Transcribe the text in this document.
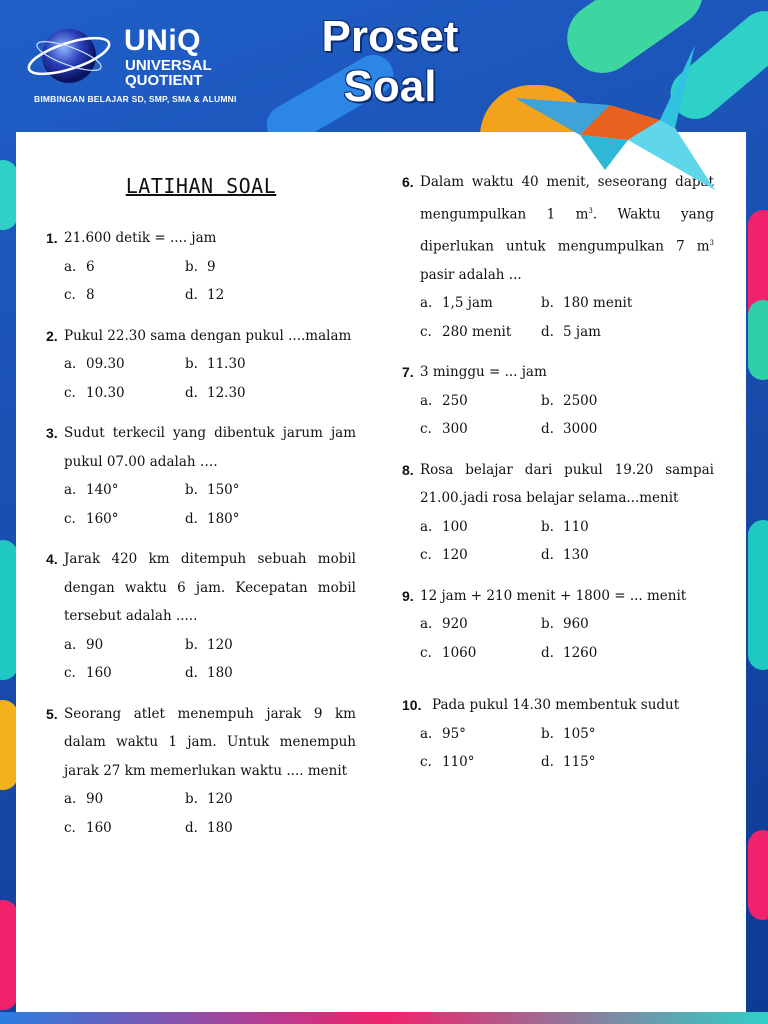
UNiQ
UNIVERSAL
QUOTIENT
BIMBINGAN BELAJAR SD, SMP, SMA & ALUMNI
Proset
Soal
LATIHAN SOAL
1. 21.600 detik = .... jam
a. 6	b. 9
c. 8	d. 12
2. Pukul 22.30 sama dengan pukul ....malam
a. 09.30	b. 11.30
c. 10.30	d. 12.30
3. Sudut terkecil yang dibentuk jarum jam pukul 07.00 adalah ….
a. 140°	b. 150°
c. 160°	d. 180°
4. Jarak 420 km ditempuh sebuah mobil dengan waktu 6 jam. Kecepatan mobil tersebut adalah .....
a. 90	b. 120
c. 160	d. 180
5. Seorang atlet menempuh jarak 9 km dalam waktu 1 jam. Untuk menempuh jarak 27 km memerlukan waktu .... menit
a. 90	b. 120
c. 160	d. 180
6. Dalam waktu 40 menit, seseorang dapat mengumpulkan 1 $m^3$. Waktu yang diperlukan untuk mengumpulkan 7 $m^3$ pasir adalah ...
a. 1,5 jam	b. 180 menit
c. 280 menit	d. 5 jam
7. 3 minggu = ... jam
a. 250	b. 2500
c. 300	d. 3000
8. Rosa belajar dari pukul 19.20 sampai 21.00.jadi rosa belajar selama...menit
a. 100	b. 110
c. 120	d. 130
9. 12 jam + 210 menit + 1800 = ... menit
a. 920	b. 960
c. 1060	d. 1260
10. Pada pukul 14.30 membentuk sudut
a. 95°	b. 105°
c. 110°	d. 115°
